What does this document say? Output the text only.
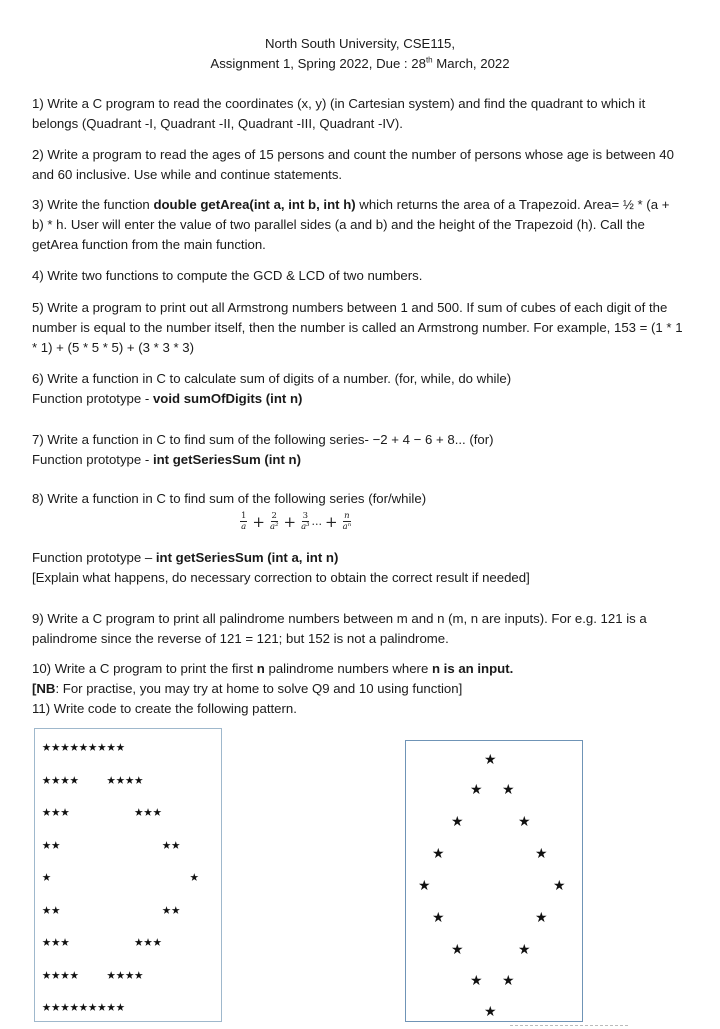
North South University, CSE115,
Assignment 1, Spring 2022, Due : 28th March, 2022

1) Write a C program to read the coordinates (x, y) (in Cartesian system) and find the quadrant to which it belongs (Quadrant -I, Quadrant -II, Quadrant -III, Quadrant -IV).

2) Write a program to read the ages of 15 persons and count the number of persons whose age is between 40 and 60 inclusive. Use while and continue statements.

3) Write the function double getArea(int a, int b, int h) which returns the area of a Trapezoid. Area= ½ * (a + b) * h. User will enter the value of two parallel sides (a and b) and the height of the Trapezoid (h). Call the getArea function from the main function.

4) Write two functions to compute the GCD & LCD of two numbers.

5) Write a program to print out all Armstrong numbers between 1 and 500. If sum of cubes of each digit of the number is equal to the number itself, then the number is called an Armstrong number. For example, 153 = (1 * 1 * 1) + (5 * 5 * 5) + (3 * 3 * 3)

6) Write a function in C to calculate sum of digits of a number. (for, while, do while)

Function prototype - void sumOfDigits (int n)

7) Write a function in C to find sum of the following series- −2 + 4 − 6 + 8... (for)

Function prototype - int getSeriesSum (int n)

8) Write a function in C to find sum of the following series (for/while)

$\frac{1}{a} + \frac{2}{\text{a²}} + \frac{3}{\text{a³}}$ ... + $\frac{n}{\text{aⁿ}}$

Function prototype – int getSeriesSum (int a, int n)

[Explain what happens, do necessary correction to obtain the correct result if needed]

9) Write a C program to print all palindrome numbers between m and n (m, n are inputs). For e.g. 121 is a palindrome since the reverse of 121 = 121; but 152 is not a palindrome.

10) Write a C program to print the first n palindrome numbers where n is an input.

[NB: For practise, you may try at home to solve Q9 and 10 using function]

11) Write code to create the following pattern.

★★★★★★★★★
★★★★   ★★★★
★★★       ★★★
★★           ★★
★               ★
★★           ★★
★★★       ★★★
★★★★   ★★★★
★★★★★★★★★
★
★ ★
★	★
★	★
★	★
★	★
★	★
★ ★
★
